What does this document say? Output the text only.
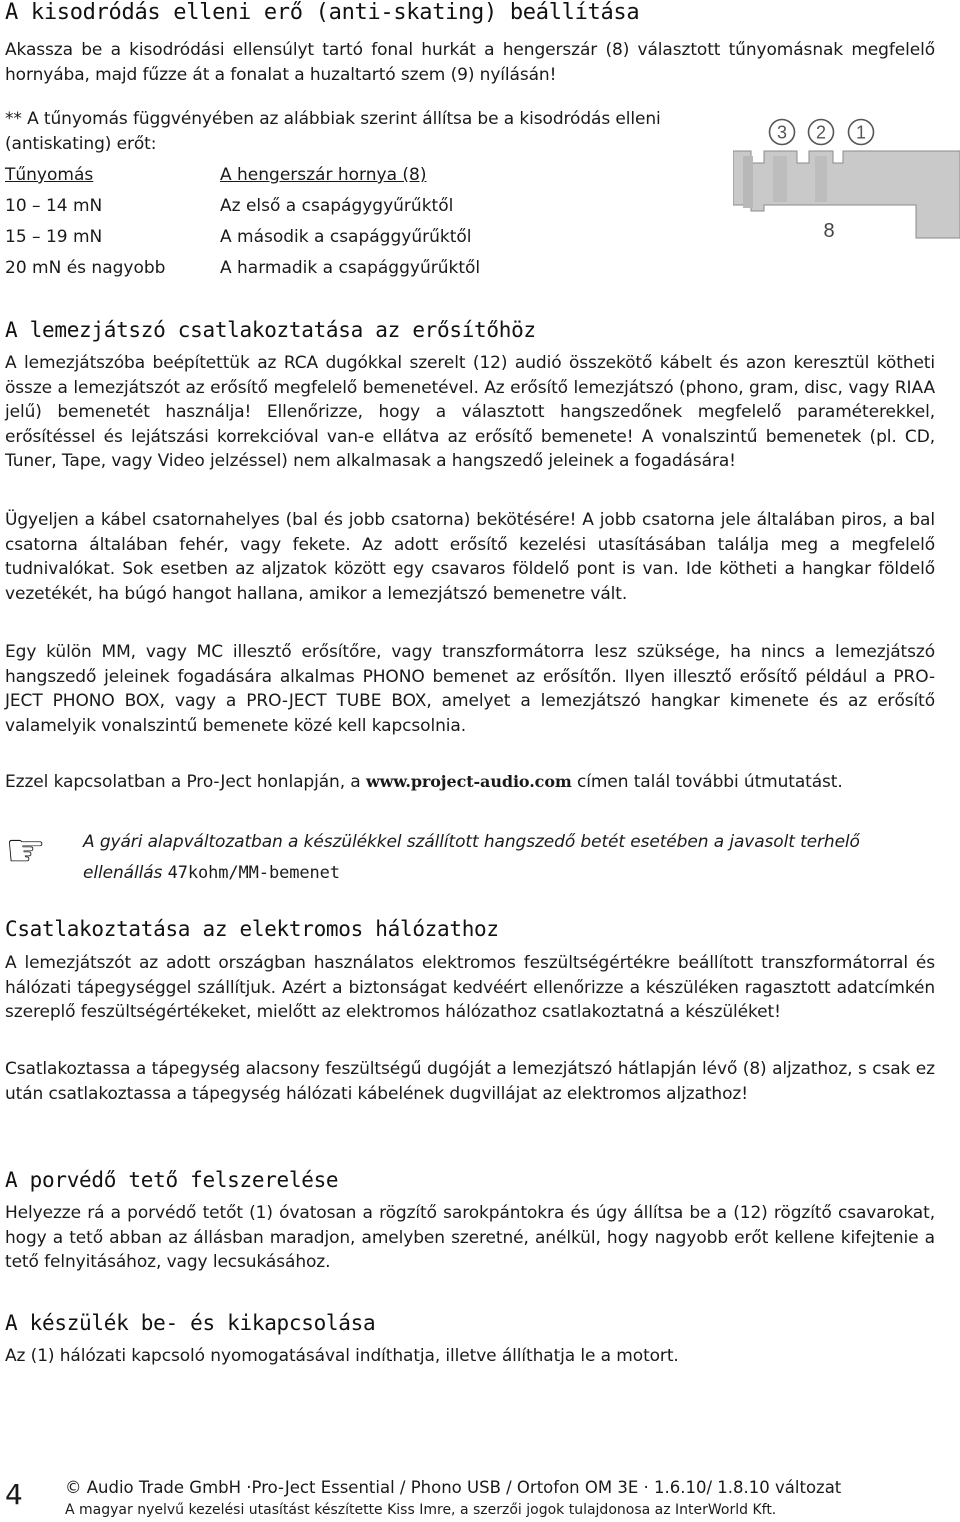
A kisodródás elleni erő (anti-skating) beállítása

Akassza be a kisodródási ellensúlyt tartó fonal hurkát a hengerszár (8) választott tűnyomásnak megfelelő hornyába, majd fűzze át a fonalat a huzaltartó szem (9) nyílásán!

** A tűnyomás függvényében az alábbiak szerint állítsa be a kisodródás elleni (antiskating) erőt:

Tűnyomás	A hengerszár hornya (8)
10 – 14 mN	Az első a csapágygyűrűktől
15 – 19 mN	A második a csapággyűrűktől
20 mN és nagyobb	A harmadik a csapággyűrűktől
3 2 1
8
A lemezjátszó csatlakoztatása az erősítőhöz

A lemezjátszóba beépítettük az RCA dugókkal szerelt (12) audió összekötő kábelt és azon keresztül kötheti össze a lemezjátszót az erősítő megfelelő bemenetével. Az erősítő lemezjátszó (phono, gram, disc, vagy RIAA jelű) bemenetét használja! Ellenőrizze, hogy a választott hangszedőnek megfelelő paraméterekkel, erősítéssel és lejátszási korrekcióval van-e ellátva az erősítő bemenete! A vonalszintű bemenetek (pl. CD, Tuner, Tape, vagy Video jelzéssel) nem alkalmasak a hangszedő jeleinek a fogadására!

Ügyeljen a kábel csatornahelyes (bal és jobb csatorna) bekötésére! A jobb csatorna jele általában piros, a bal csatorna általában fehér, vagy fekete. Az adott erősítő kezelési utasításában találja meg a megfelelő tudnivalókat. Sok esetben az aljzatok között egy csavaros földelő pont is van. Ide kötheti a hangkar földelő vezetékét, ha búgó hangot hallana, amikor a lemezjátszó bemenetre vált.

Egy külön MM, vagy MC illesztő erősítőre, vagy transzformátorra lesz szüksége, ha nincs a lemezjátszó hangszedő jeleinek fogadására alkalmas PHONO bemenet az erősítőn. Ilyen illesztő erősítő például a PRO-JECT PHONO BOX, vagy a PRO-JECT TUBE BOX, amelyet a lemezjátszó hangkar kimenete és az erősítő valamelyik vonalszintű bemenete közé kell kapcsolnia.

Ezzel kapcsolatban a Pro-Ject honlapján, a www.project-audio.com címen talál további útmutatást.

☞ A gyári alapváltozatban a készülékkel szállított hangszedő betét esetében a javasolt terhelő ellenállás 47kohm/MM-bemenet

Csatlakoztatása az elektromos hálózathoz

A lemezjátszót az adott országban használatos elektromos feszültségértékre beállított transzformátorral és hálózati tápegységgel szállítjuk. Azért a biztonságat kedvéért ellenőrizze a készüléken ragasztott adatcímkén szereplő feszültségértékeket, mielőtt az elektromos hálózathoz csatlakoztatná a készüléket!

Csatlakoztassa a tápegység alacsony feszültségű dugóját a lemezjátszó hátlapján lévő (8) aljzathoz, s csak ez után csatlakoztassa a tápegység hálózati kábelének dugvillájat az elektromos aljzathoz!

A porvédő tető felszerelése

Helyezze rá a porvédő tetőt (1) óvatosan a rögzítő sarokpántokra és úgy állítsa be a (12) rögzítő csavarokat, hogy a tető abban az állásban maradjon, amelyben szeretné, anélkül, hogy nagyobb erőt kellene kifejtenie a tető felnyitásához, vagy lecsukásához.

A készülék be- és kikapcsolása

Az (1) hálózati kapcsoló nyomogatásával indíthatja, illetve állíthatja le a motort.

4	© Audio Trade GmbH ·Pro-Ject Essential / Phono USB / Ortofon OM 3E · 1.6.10/ 1.8.10 változat
A magyar nyelvű kezelési utasítást készítette Kiss Imre, a szerzői jogok tulajdonosa az InterWorld Kft.
